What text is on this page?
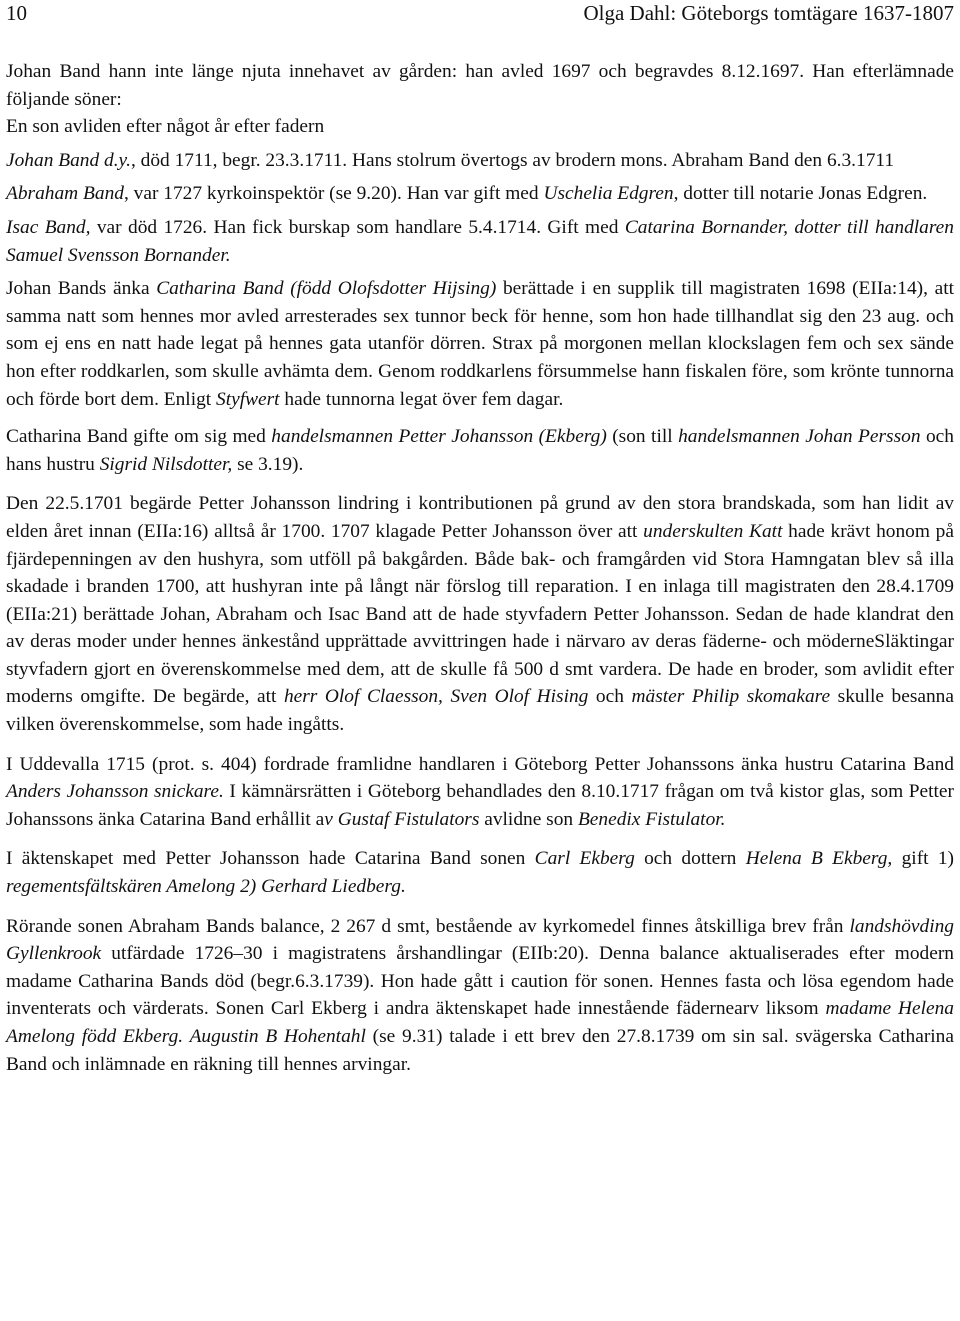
10	Olga Dahl: Göteborgs tomtägare 1637-1807

Johan Band hann inte länge njuta innehavet av gården: han avled 1697 och begravdes 8.12.1697. Han efterlämnade följande söner:

En son avliden efter något år efter fadern

Johan Band d.y., död 1711, begr. 23.3.1711. Hans stolrum övertogs av brodern mons. Abraham Band den 6.3.1711

Abraham Band, var 1727 kyrkoinspektör (se 9.20). Han var gift med Uschelia Edgren, dotter till notarie Jonas Edgren.

Isac Band, var död 1726. Han fick burskap som handlare 5.4.1714. Gift med Catarina Bornander, dotter till handlaren Samuel Svensson Bornander.

Johan Bands änka Catharina Band (född Olofsdotter Hijsing) berättade i en supplik till magistraten 1698 (EIIa:14), att samma natt som hennes mor avled arresterades sex tunnor beck för henne, som hon hade tillhandlat sig den 23 aug. och som ej ens en natt hade legat på hennes gata utanför dörren. Strax på morgonen mellan klockslagen fem och sex sände hon efter roddkarlen, som skulle avhämta dem. Genom roddkarlens försummelse hann fiskalen före, som krönte tunnorna och förde bort dem. Enligt Styfwert hade tunnorna legat över fem dagar.

Catharina Band gifte om sig med handelsmannen Petter Johansson (Ekberg) (son till handelsmannen Johan Persson och hans hustru Sigrid Nilsdotter, se 3.19).

Den 22.5.1701 begärde Petter Johansson lindring i kontributionen på grund av den stora brandskada, som han lidit av elden året innan (EIIa:16) alltså år 1700. 1707 klagade Petter Johansson över att underskulten Katt hade krävt honom på fjärdepenningen av den hushyra, som utföll på bakgården. Både bak- och framgården vid Stora Hamngatan blev så illa skadade i branden 1700, att hushyran inte på långt när förslog till reparation. I en inlaga till magistraten den 28.4.1709 (EIIa:21) berättade Johan, Abraham och Isac Band att de hade styvfadern Petter Johansson. Sedan de hade klandrat den av deras moder under hennes änkestånd upprättade avvittringen hade i närvaro av deras fäderne- och möderneSläktingar styvfadern gjort en överenskommelse med dem, att de skulle få 500 d smt vardera. De hade en broder, som avlidit efter moderns omgifte. De begärde, att herr Olof Claesson, Sven Olof Hising och mäster Philip skomakare skulle besanna vilken överenskommelse, som hade ingåtts.

I Uddevalla 1715 (prot. s. 404) fordrade framlidne handlaren i Göteborg Petter Johanssons änka hustru Catarina Band Anders Johansson snickare. I kämnärsrätten i Göteborg behandlades den 8.10.1717 frågan om två kistor glas, som Petter Johanssons änka Catarina Band erhållit av Gustaf Fistulators avlidne son Benedix Fistulator.

I äktenskapet med Petter Johansson hade Catarina Band sonen Carl Ekberg och dottern Helena B Ekberg, gift 1) regementsfältskären Amelong 2) Gerhard Liedberg.

Rörande sonen Abraham Bands balance, 2 267 d smt, bestående av kyrkomedel finnes åtskilliga brev från landshövding Gyllenkrook utfärdade 1726–30 i magistratens årshandlingar (EIIb:20). Denna balance aktualiserades efter modern madame Catharina Bands död (begr.6.3.1739). Hon hade gått i caution för sonen. Hennes fasta och lösa egendom hade inventerats och värderats. Sonen Carl Ekberg i andra äktenskapet hade innestående fädernearv liksom madame Helena Amelong född Ekberg. Augustin B Hohentahl (se 9.31) talade i ett brev den 27.8.1739 om sin sal. svägerska Catharina Band och inlämnade en räkning till hennes arvingar.
